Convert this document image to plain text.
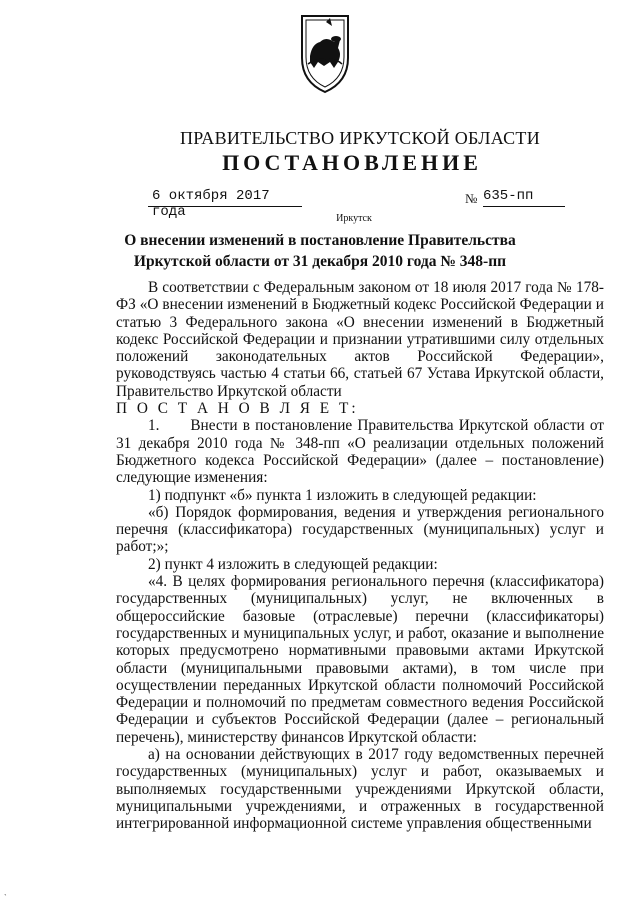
ПРАВИТЕЛЬСТВО ИРКУТСКОЙ ОБЛАСТИ
ПОСТАНОВЛЕНИЕ
6 октября 2017 года
№ 635-пп
Иркутск
О внесении изменений в постановление Правительства Иркутской области от 31 декабря 2010 года № 348-пп

В соответствии с Федеральным законом от 18 июля 2017 года № 178-ФЗ «О внесении изменений в Бюджетный кодекс Российской Федерации и статью 3 Федерального закона «О внесении изменений в Бюджетный кодекс Российской Федерации и признании утратившими силу отдельных положений законодательных актов Российской Федерации», руководствуясь частью 4 статьи 66, статьей 67 Устава Иркутской области, Правительство Иркутской области

П О С Т А Н О В Л Я Е Т:

1.      Внести в постановление Правительства Иркутской области от 31 декабря 2010 года № 348-пп «О реализации отдельных положений Бюджетного кодекса Российской Федерации» (далее – постановление) следующие изменения:

1) подпункт «б» пункта 1 изложить в следующей редакции:

«б) Порядок формирования, ведения и утверждения регионального перечня (классификатора) государственных (муниципальных) услуг и работ;»;

2) пункт 4 изложить в следующей редакции:

«4. В целях формирования регионального перечня (классификатора) государственных (муниципальных) услуг, не включенных в общероссийские базовые (отраслевые) перечни (классификаторы) государственных и муниципальных услуг, и работ, оказание и выполнение которых предусмотрено нормативными правовыми актами Иркутской области (муниципальными правовыми актами), в том числе при осуществлении переданных Иркутской области полномочий Российской Федерации и полномочий по предметам совместного ведения Российской Федерации и субъектов Российской Федерации (далее – региональный перечень), министерству финансов Иркутской области:

а) на основании действующих в 2017 году ведомственных перечней государственных (муниципальных) услуг и работ, оказываемых и выполняемых государственными учреждениями Иркутской области, муниципальными учреждениями, и отраженных в государственной интегрированной информационной системе управления общественными

`
